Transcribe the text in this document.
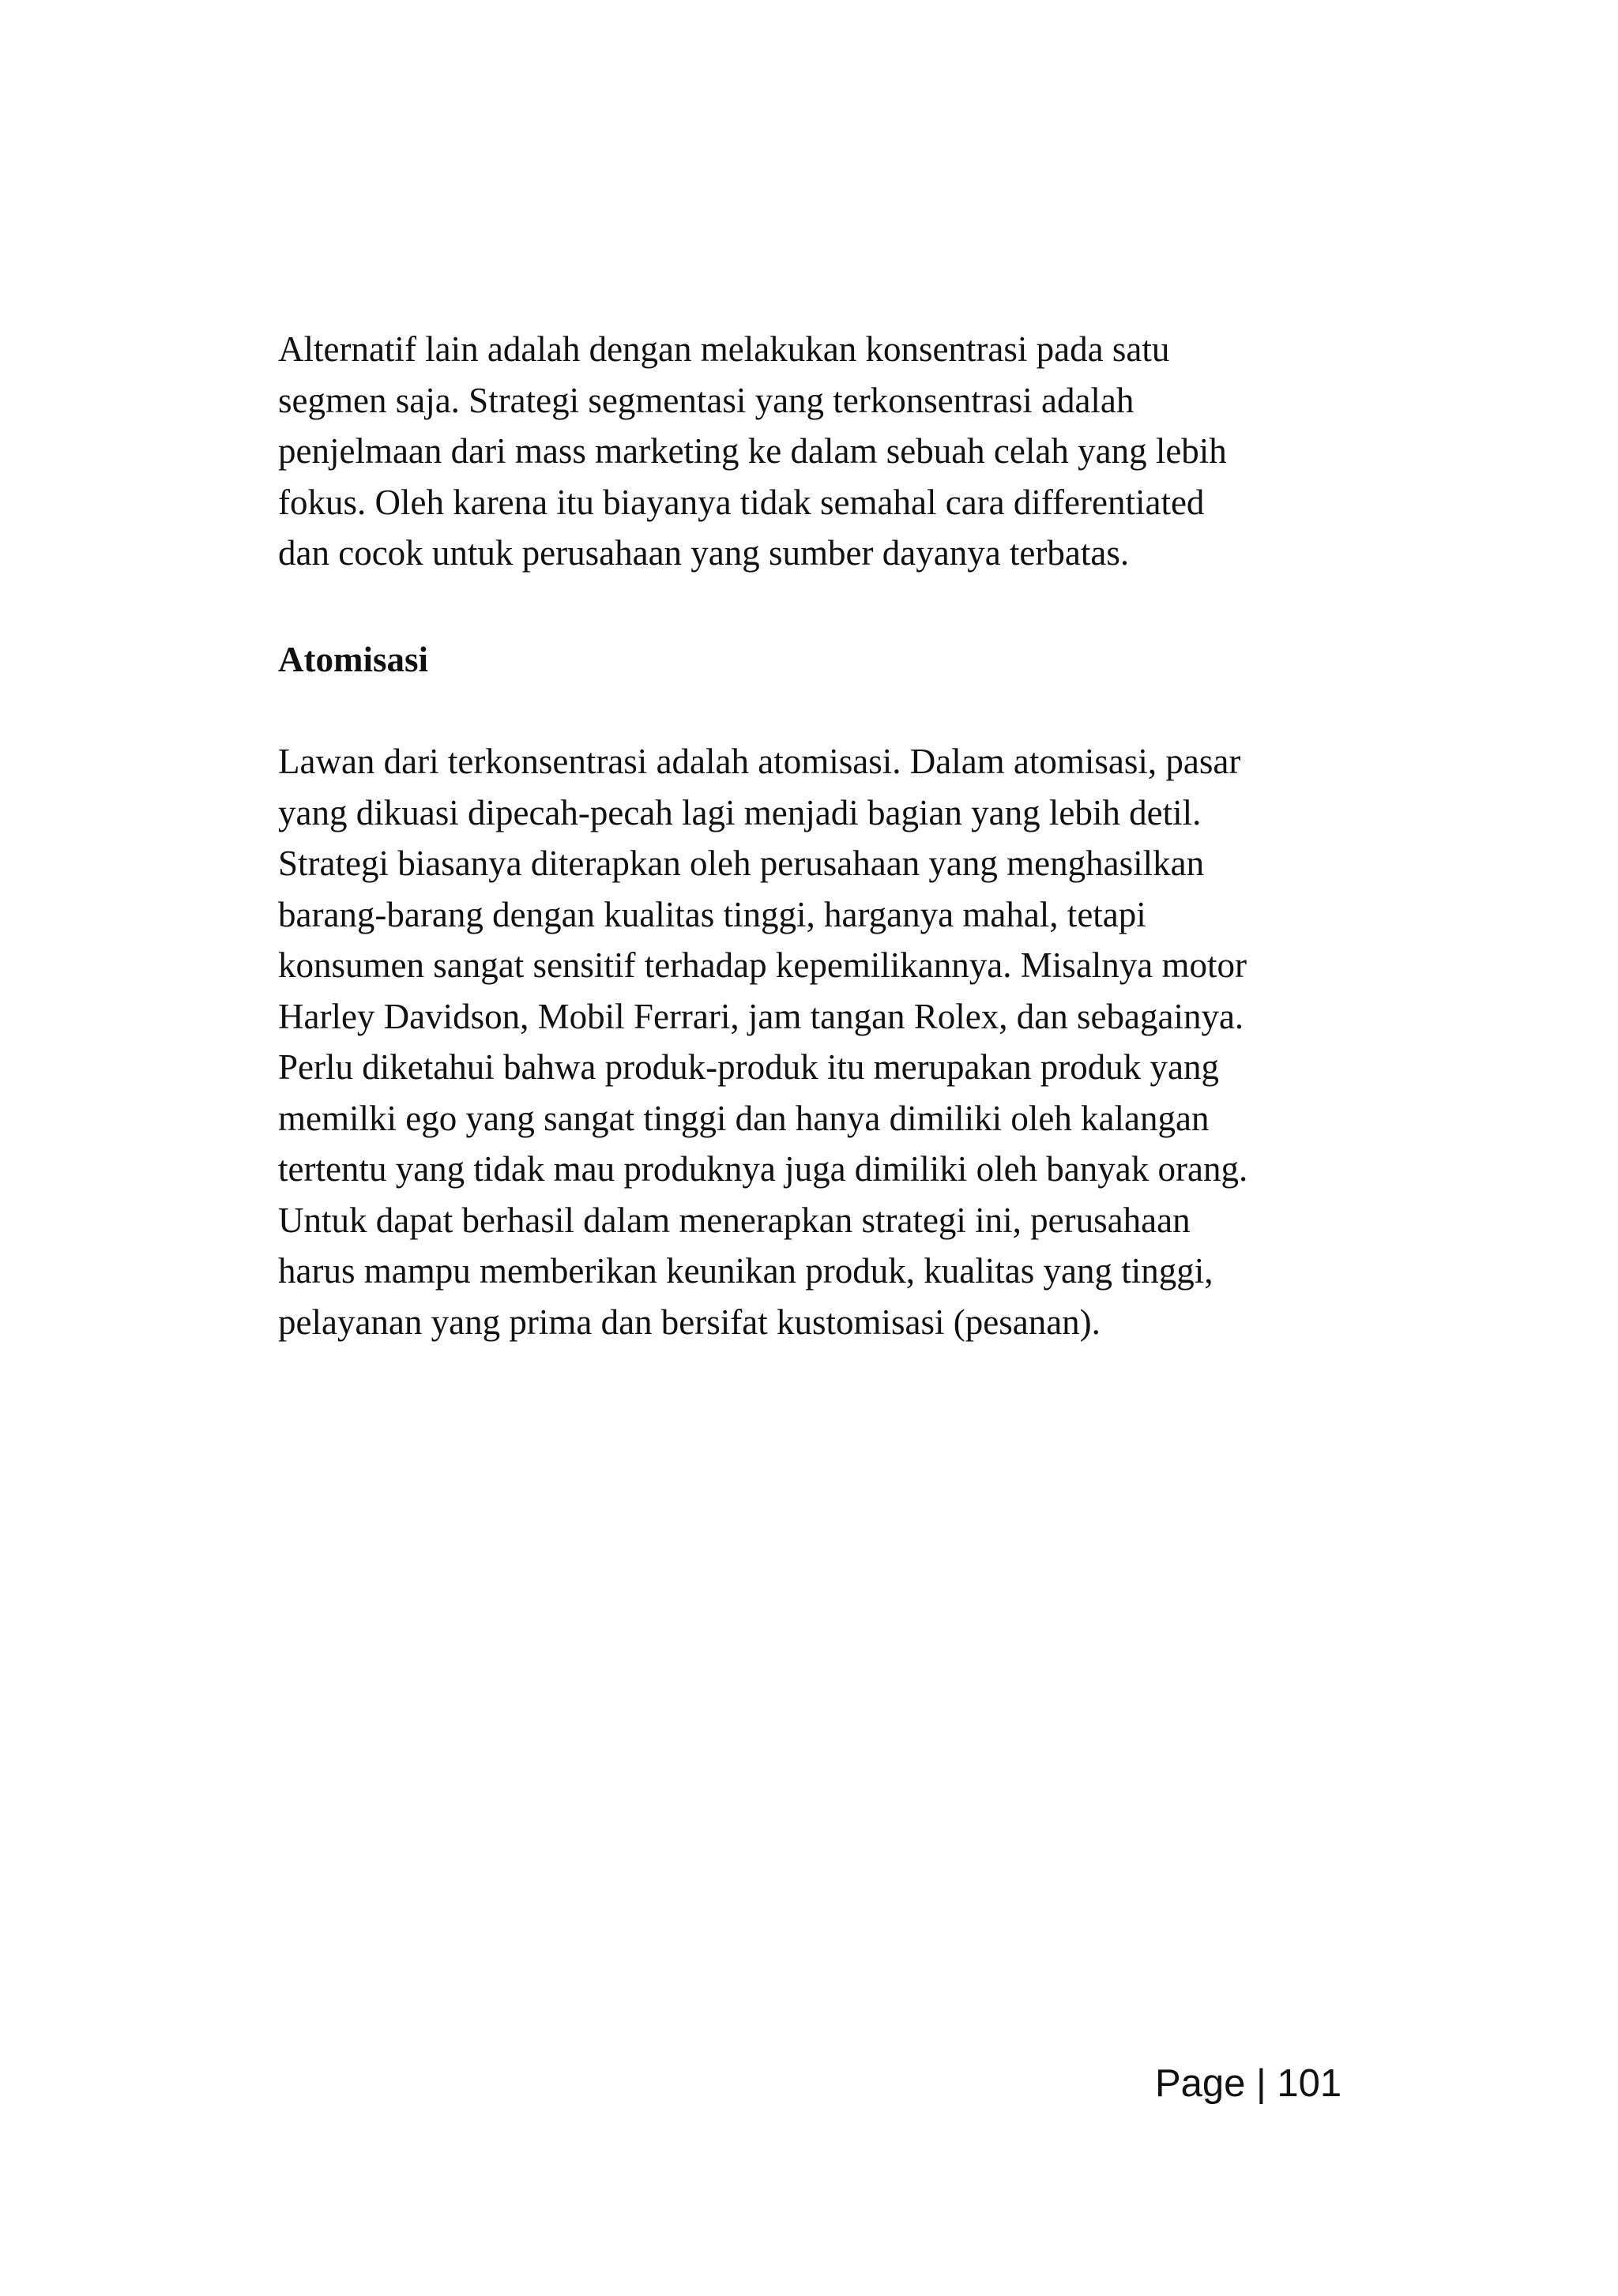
Alternatif lain adalah dengan melakukan konsentrasi pada satu
segmen saja. Strategi segmentasi yang terkonsentrasi adalah
penjelmaan dari mass marketing ke dalam sebuah celah yang lebih
fokus. Oleh karena itu biayanya tidak semahal cara differentiated
dan cocok untuk perusahaan yang sumber dayanya terbatas.

Atomisasi

Lawan dari terkonsentrasi adalah atomisasi. Dalam atomisasi, pasar
yang dikuasi dipecah-pecah lagi menjadi bagian yang lebih detil.
Strategi biasanya diterapkan oleh perusahaan yang menghasilkan
barang-barang dengan kualitas tinggi, harganya mahal, tetapi
konsumen sangat sensitif terhadap kepemilikannya. Misalnya motor
Harley Davidson, Mobil Ferrari, jam tangan Rolex, dan sebagainya.
Perlu diketahui bahwa produk-produk itu merupakan produk yang
memilki ego yang sangat tinggi dan hanya dimiliki oleh kalangan
tertentu yang tidak mau produknya juga dimiliki oleh banyak orang.
Untuk dapat berhasil dalam menerapkan strategi ini, perusahaan
harus mampu memberikan keunikan produk, kualitas yang tinggi,
pelayanan yang prima dan bersifat kustomisasi (pesanan).

Page | 101
